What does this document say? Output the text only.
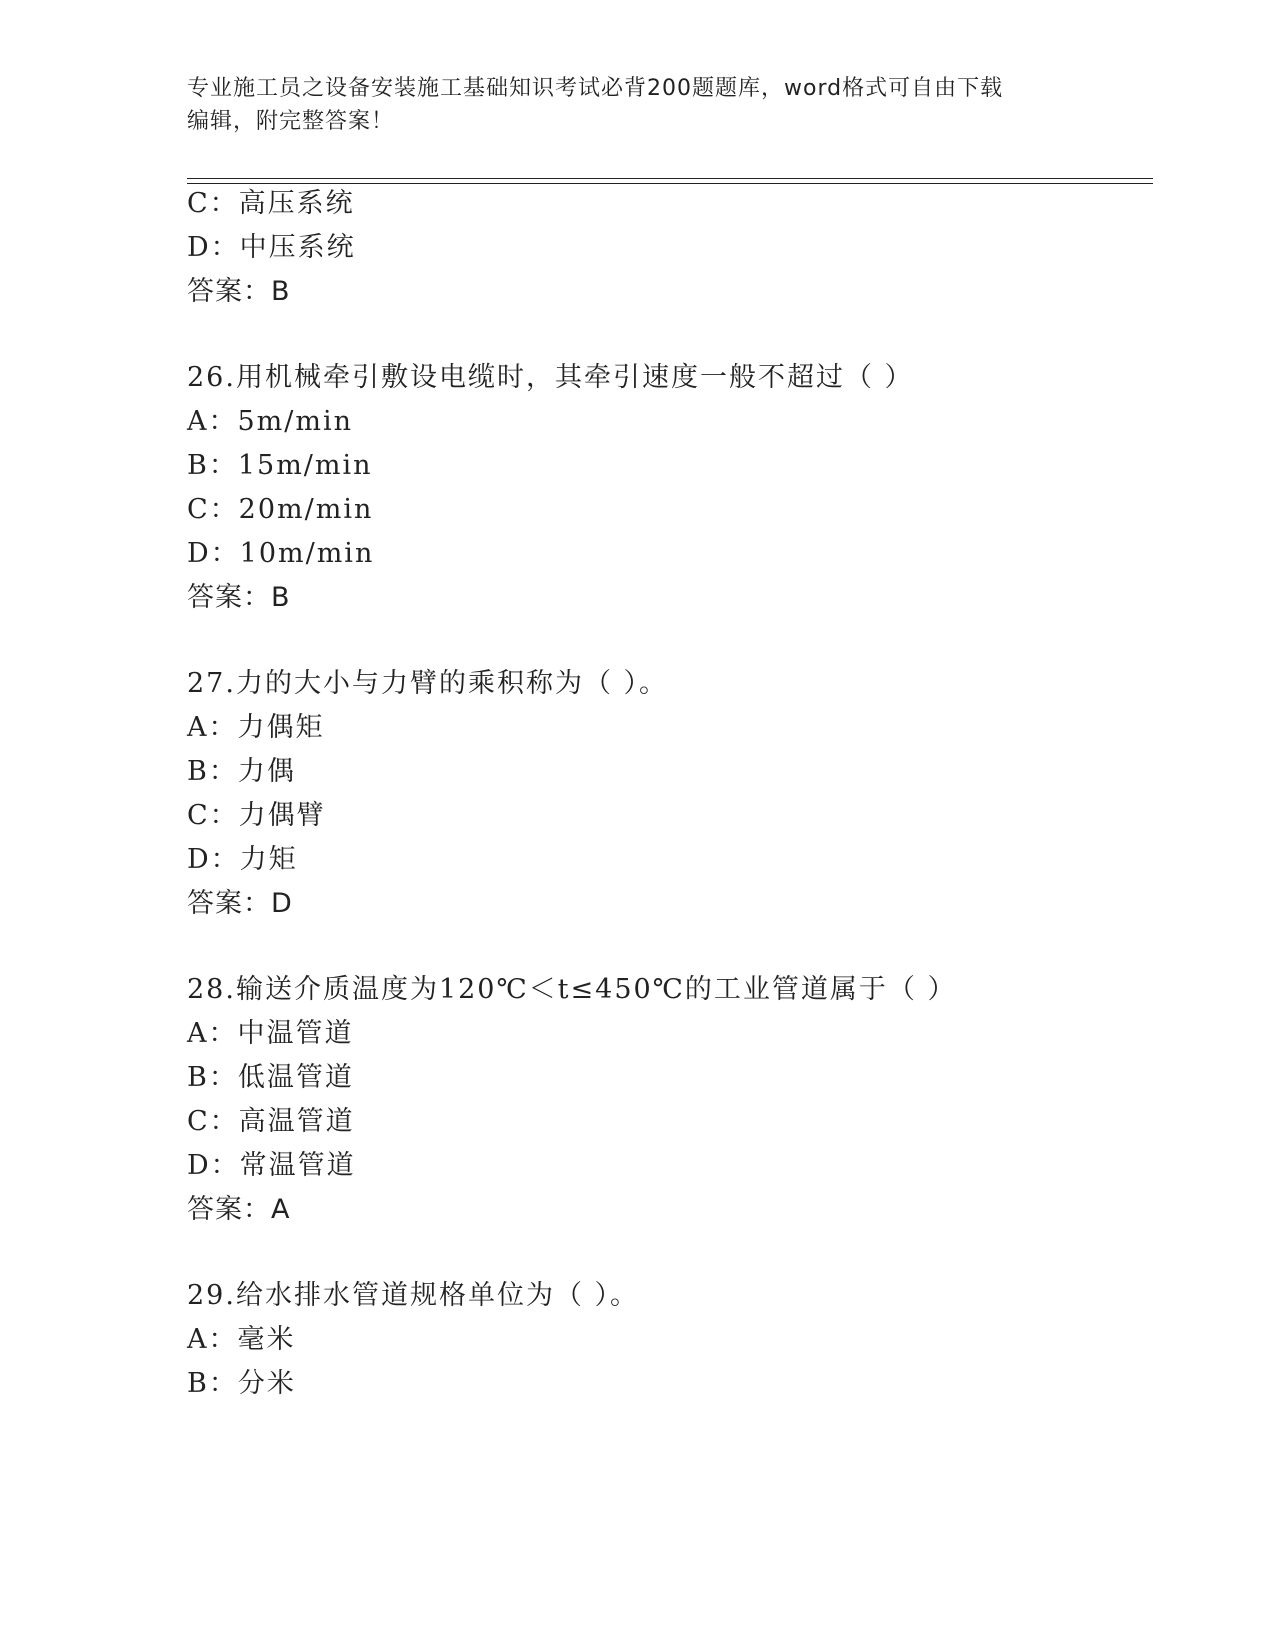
专业施工员之设备安装施工基础知识考试必背200题题库，word格式可自由下载
编辑，附完整答案！
C：高压系统
D：中压系统
答案：B
26.用机械牵引敷设电缆时，其牵引速度一般不超过（ ）
A：5m/min
B：15m/min
C：20m/min
D：10m/min
答案：B
27.力的大小与力臂的乘积称为（ ）。
A：力偶矩
B：力偶
C：力偶臂
D：力矩
答案：D
28.输送介质温度为120℃＜t≤450℃的工业管道属于（ ）
A：中温管道
B：低温管道
C：高温管道
D：常温管道
答案：A
29.给水排水管道规格单位为（ ）。
A：毫米
B：分米
